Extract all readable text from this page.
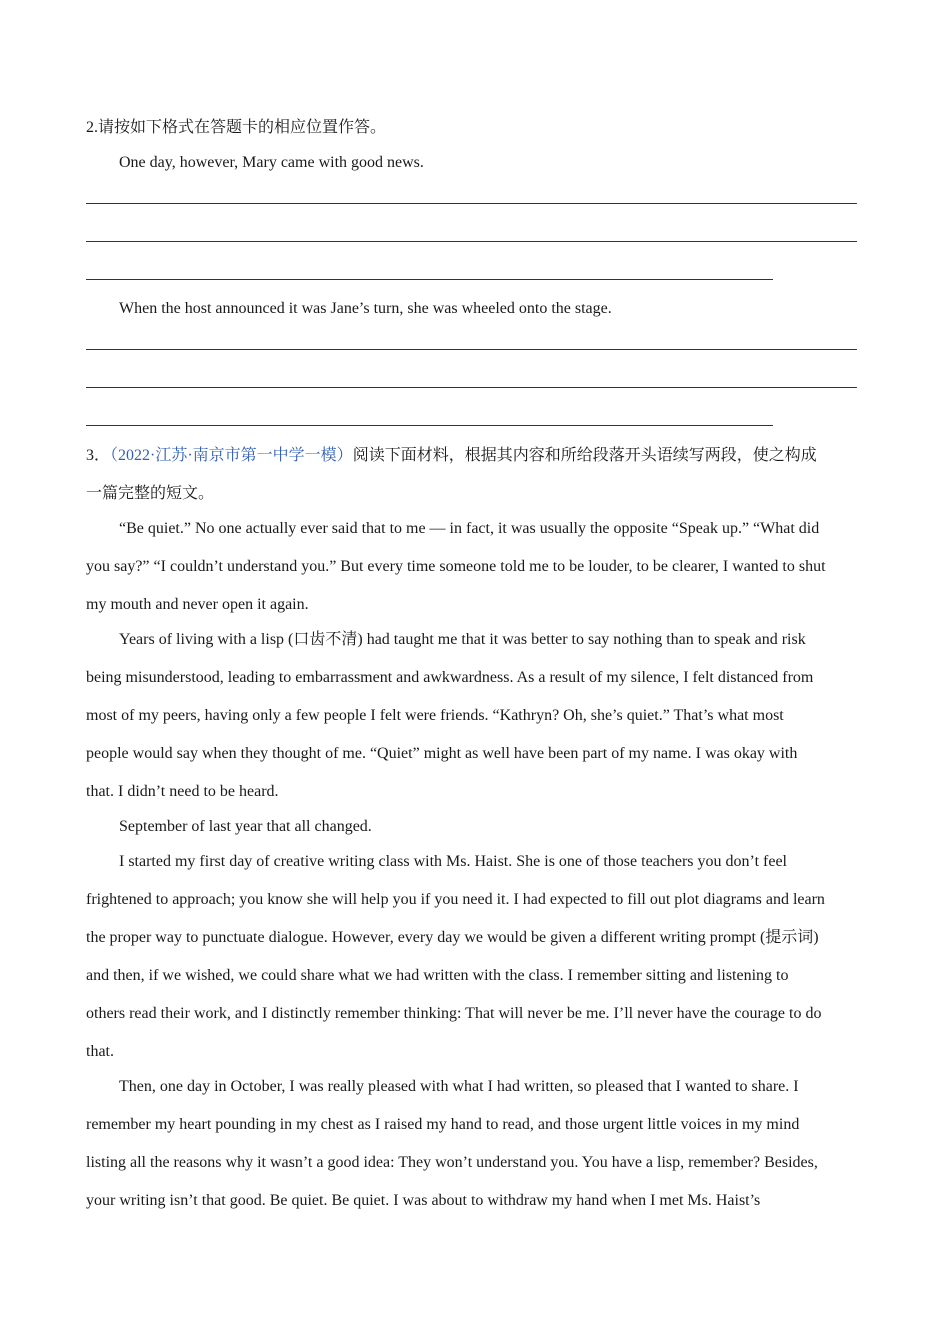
2.请按如下格式在答题卡的相应位置作答。
One day, however, Mary came with good news.
When the host announced it was Jane’s turn, she was wheeled onto the stage.
3．（2022·江苏·南京市第一中学一模）阅读下面材料，根据其内容和所给段落开头语续写两段，使之构成
一篇完整的短文。
“Be quiet.” No one actually ever said that to me — in fact, it was usually the opposite “Speak up.” “What did
you say?” “I couldn’t understand you.” But every time someone told me to be louder, to be clearer, I wanted to shut
my mouth and never open it again.
Years of living with a lisp (口齿不清) had taught me that it was better to say nothing than to speak and risk
being misunderstood, leading to embarrassment and awkwardness. As a result of my silence, I felt distanced from
most of my peers, having only a few people I felt were friends. “Kathryn? Oh, she’s quiet.” That’s what most
people would say when they thought of me. “Quiet” might as well have been part of my name. I was okay with
that. I didn’t need to be heard.
September of last year that all changed.
I started my first day of creative writing class with Ms. Haist. She is one of those teachers you don’t feel
frightened to approach; you know she will help you if you need it. I had expected to fill out plot diagrams and learn
the proper way to punctuate dialogue. However, every day we would be given a different writing prompt (提示词)
and then, if we wished, we could share what we had written with the class. I remember sitting and listening to
others read their work, and I distinctly remember thinking: That will never be me. I’ll never have the courage to do
that.
Then, one day in October, I was really pleased with what I had written, so pleased that I wanted to share. I
remember my heart pounding in my chest as I raised my hand to read, and those urgent little voices in my mind
listing all the reasons why it wasn’t a good idea: They won’t understand you. You have a lisp, remember? Besides,
your writing isn’t that good. Be quiet. Be quiet. I was about to withdraw my hand when I met Ms. Haist’s
